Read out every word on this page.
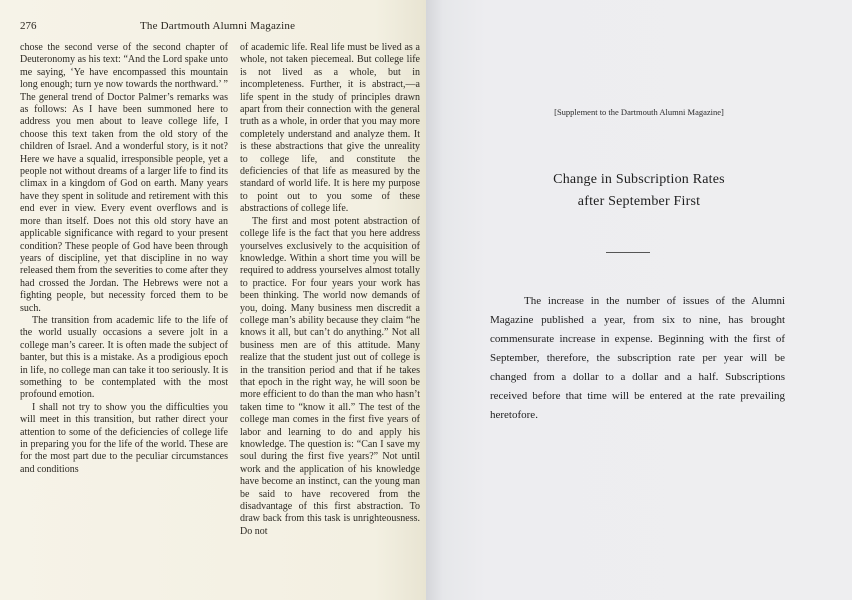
276	The Dartmouth Alumni Magazine

chose the second verse of the second chapter of Deuteronomy as his text: “And the Lord spake unto me saying, ‘Ye have encompassed this mountain long enough; turn ye now towards the northward.’ ” The general trend of Doctor Palmer’s remarks was as follows: As I have been summoned here to address you men about to leave college life, I choose this text taken from the old story of the children of Israel. And a wonderful story, is it not? Here we have a squalid, irresponsible people, yet a people not without dreams of a larger life to find its climax in a kingdom of God on earth. Many years have they spent in solitude and retirement with this end ever in view. Every event overflows and is more than itself. Does not this old story have an applicable significance with regard to your present condition? These people of God have been through years of discipline, yet that discipline in no way released them from the severities to come after they had crossed the Jordan. The Hebrews were not a fighting people, but necessity forced them to be such.

The transition from academic life to the life of the world usually occasions a severe jolt in a college man’s career. It is often made the subject of banter, but this is a mistake. As a prodigious epoch in life, no college man can take it too seriously. It is something to be contemplated with the most profound emotion.

I shall not try to show you the difficulties you will meet in this transition, but rather direct your attention to some of the deficiencies of college life in preparing you for the life of the world. These are for the most part due to the peculiar circumstances and conditions

of academic life. Real life must be lived as a whole, not taken piecemeal. But college life is not lived as a whole, but in incompleteness. Further, it is abstract,—a life spent in the study of principles drawn apart from their connection with the general truth as a whole, in order that you may more completely understand and analyze them. It is these abstractions that give the unreality to college life, and constitute the deficiencies of that life as measured by the standard of world life. It is here my purpose to point out to you some of these abstractions of college life.

The first and most potent abstraction of college life is the fact that you here address yourselves exclusively to the acquisition of knowledge. Within a short time you will be required to address yourselves almost totally to practice. For four years your work has been thinking. The world now demands of you, doing. Many business men discredit a college man’s ability because they claim “he knows it all, but can’t do anything.” Not all business men are of this attitude. Many realize that the student just out of college is in the transition period and that if he takes that epoch in the right way, he will soon be more efficient to do than the man who hasn’t taken time to “know it all.” The test of the college man comes in the first five years of labor and learning to do and apply his knowledge. The question is: “Can I save my soul during the first five years?” Not until work and the application of his knowledge have become an instinct, can the young man be said to have recovered from the disadvantage of this first abstraction. To draw back from this task is unrighteousness. Do not

[Supplement to the Dartmouth Alumni Magazine]
Change in Subscription Rates
after September First

The increase in the number of issues of the Alumni Magazine published a year, from six to nine, has brought commensurate increase in expense. Beginning with the first of September, therefore, the subscription rate per year will be changed from a dollar to a dollar and a half. Subscriptions received before that time will be entered at the rate prevailing heretofore.
